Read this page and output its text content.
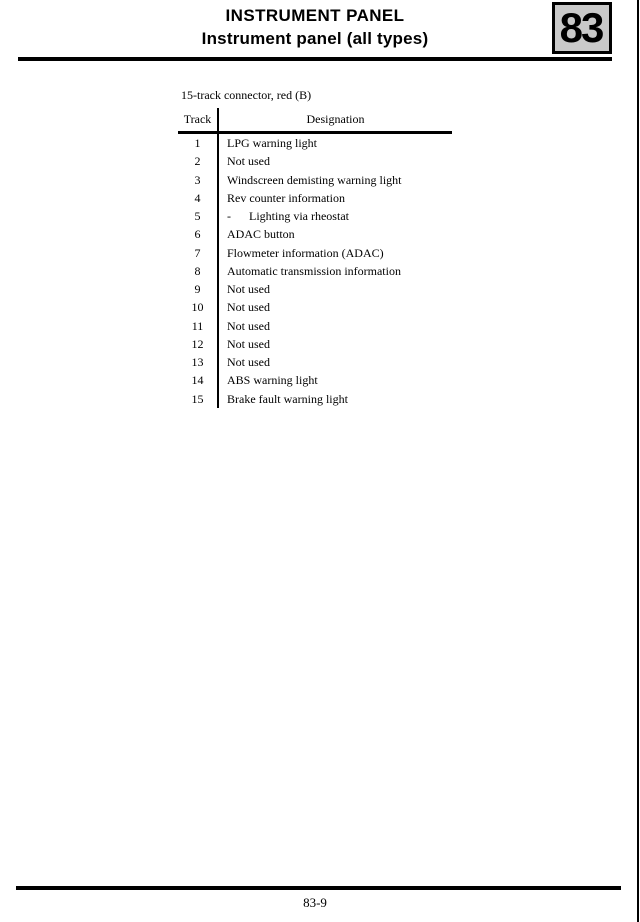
INSTRUMENT PANEL
Instrument panel (all types)	83
15-track connector, red (B)
Track	Designation
1	LPG warning light
2	Not used
3	Windscreen demisting warning light
4	Rev counter information
5	-      Lighting via rheostat
6	ADAC button
7	Flowmeter information (ADAC)
8	Automatic transmission information
9	Not used
10	Not used
11	Not used
12	Not used
13	Not used
14	ABS warning light
15	Brake fault warning light
83-9
